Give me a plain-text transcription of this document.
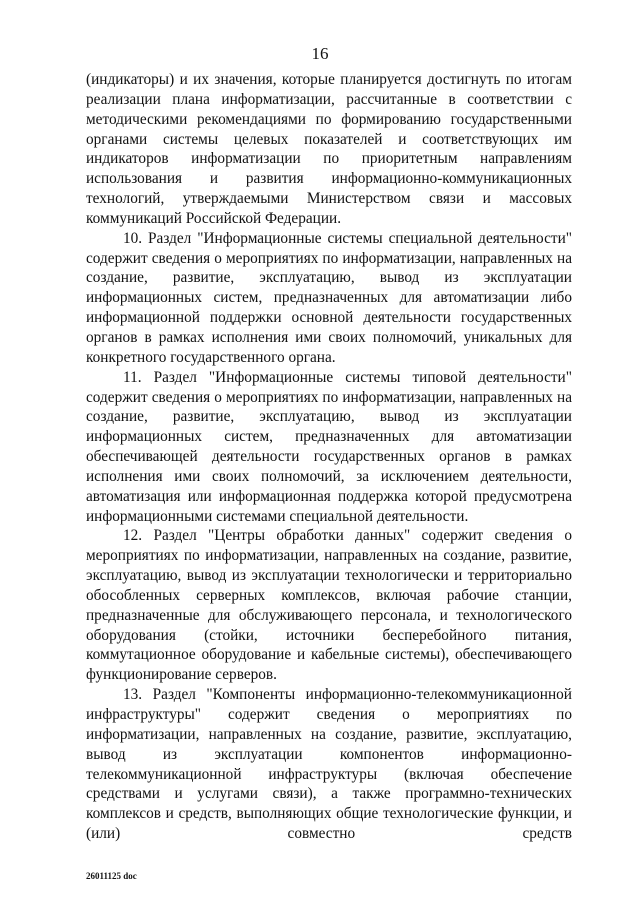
16

(индикаторы) и их значения, которые планируется достигнуть по итогам реализации плана информатизации, рассчитанные в соответствии с методическими рекомендациями по формированию государственными органами системы целевых показателей и соответствующих им индикаторов информатизации по приоритетным направлениям использования и развития информационно-коммуникационных технологий, утверждаемыми Министерством связи и массовых коммуникаций Российской Федерации.

10. Раздел "Информационные системы специальной деятельности" содержит сведения о мероприятиях по информатизации, направленных на создание, развитие, эксплуатацию, вывод из эксплуатации информационных систем, предназначенных для автоматизации либо информационной поддержки основной деятельности государственных органов в рамках исполнения ими своих полномочий, уникальных для конкретного государственного органа.

11. Раздел "Информационные системы типовой деятельности" содержит сведения о мероприятиях по информатизации, направленных на создание, развитие, эксплуатацию, вывод из эксплуатации информационных систем, предназначенных для автоматизации обеспечивающей деятельности государственных органов в рамках исполнения ими своих полномочий, за исключением деятельности, автоматизация или информационная поддержка которой предусмотрена информационными системами специальной деятельности.

12. Раздел "Центры обработки данных" содержит сведения о мероприятиях по информатизации, направленных на создание, развитие, эксплуатацию, вывод из эксплуатации технологически и территориально обособленных серверных комплексов, включая рабочие станции, предназначенные для обслуживающего персонала, и технологического оборудования (стойки, источники бесперебойного питания, коммутационное оборудование и кабельные системы), обеспечивающего функционирование серверов.

13. Раздел "Компоненты информационно-телекоммуникационной инфраструктуры" содержит сведения о мероприятиях по информатизации, направленных на создание, развитие, эксплуатацию, вывод из эксплуатации компонентов информационно-телекоммуникационной инфраструктуры (включая обеспечение средствами и услугами связи), а также программно-технических комплексов и средств, выполняющих общие технологические функции, и (или) совместно средств

26011125 doc
